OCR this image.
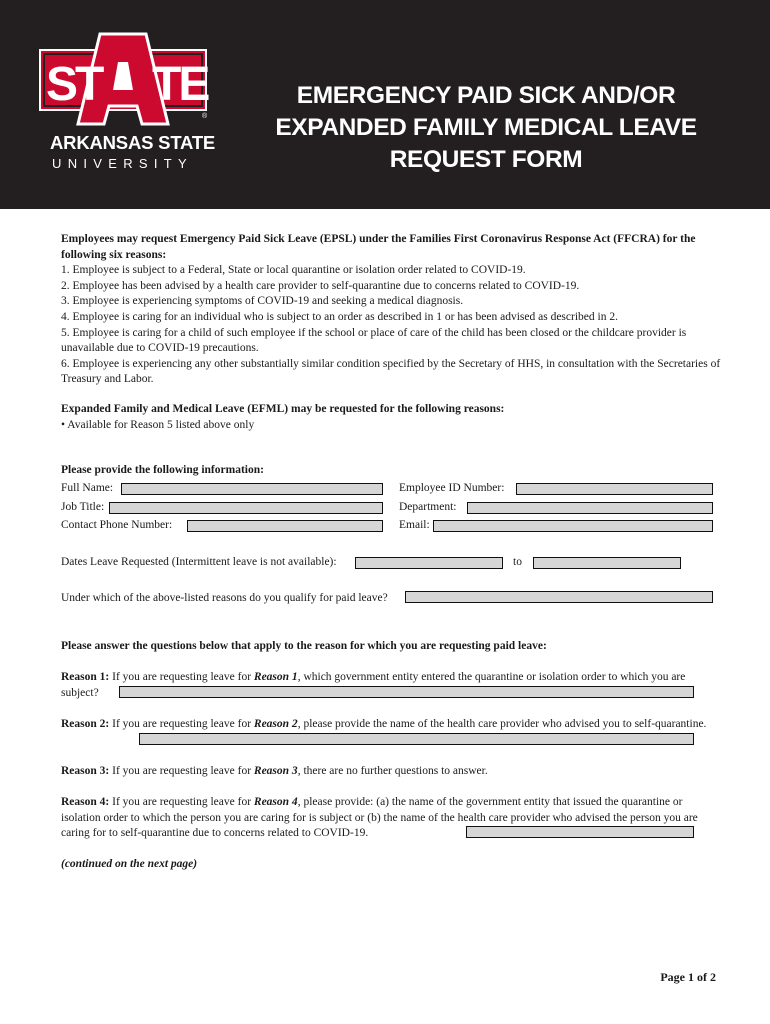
ST TE
®
ARKANSAS STATE
UNIVERSITY
EMERGENCY PAID SICK AND/OR EXPANDED FAMILY MEDICAL LEAVE REQUEST FORM

Employees may request Emergency Paid Sick Leave (EPSL) under the Families First Coronavirus Response Act (FFCRA) for the following six reasons:

1. Employee is subject to a Federal, State or local quarantine or isolation order related to COVID-19.

2. Employee has been advised by a health care provider to self-quarantine due to concerns related to COVID-19.

3. Employee is experiencing symptoms of COVID-19 and seeking a medical diagnosis.

4. Employee is caring for an individual who is subject to an order as described in 1 or has been advised as described in 2.

5. Employee is caring for a child of such employee if the school or place of care of the child has been closed or the childcare provider is unavailable due to COVID-19 precautions.

6. Employee is experiencing any other substantially similar condition specified by the Secretary of HHS, in consultation with the Secretaries of Treasury and Labor.

Expanded Family and Medical Leave (EFML) may be requested for the following reasons:

• Available for Reason 5 listed above only

Please provide the following information:
Full Name:	Employee ID Number:
Job Title:	Department:
Contact Phone Number:	Email:
Dates Leave Requested (Intermittent leave is not available):	to
Under which of the above-listed reasons do you qualify for paid leave?
Please answer the questions below that apply to the reason for which you are requesting paid leave:
Reason 1: If you are requesting leave for Reason 1, which government entity entered the quarantine or isolation order to which you are subject?
Reason 2: If you are requesting leave for Reason 2, please provide the name of the health care provider who advised you to self-quarantine.
Reason 3: If you are requesting leave for Reason 3, there are no further questions to answer.
Reason 4: If you are requesting leave for Reason 4, please provide: (a) the name of the government entity that issued the quarantine or isolation order to which the person you are caring for is subject or (b) the name of the health care provider who advised the person you are caring for to self-quarantine due to concerns related to COVID-19.
(continued on the next page)
Page 1 of 2
